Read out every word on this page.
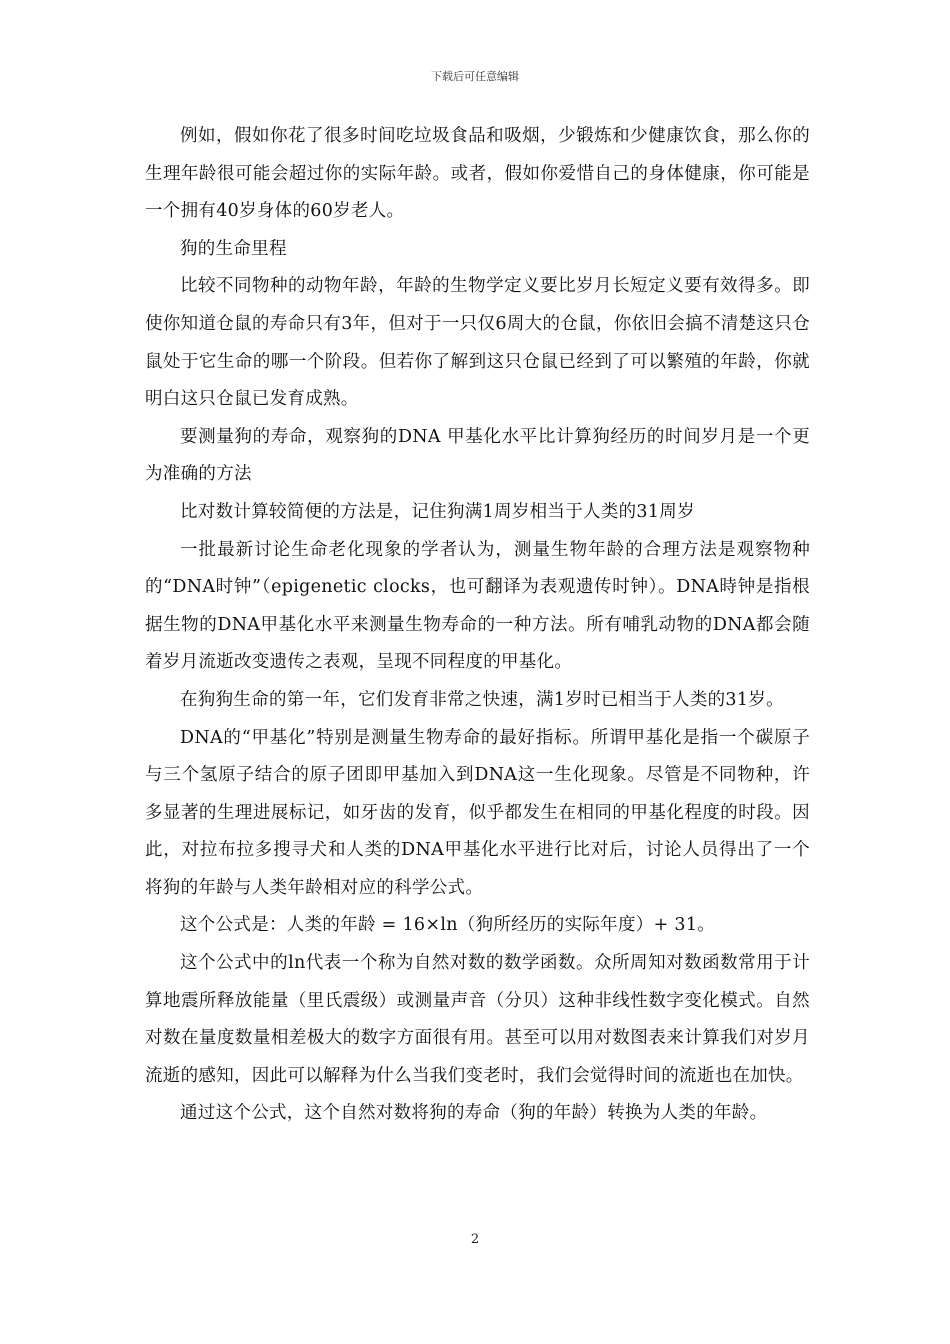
下载后可任意编辑

例如，假如你花了很多时间吃垃圾食品和吸烟，少锻炼和少健康饮食，那么你的生理年龄很可能会超过你的实际年龄。或者，假如你爱惜自己的身体健康，你可能是一个拥有40岁身体的60岁老人。

狗的生命里程

比较不同物种的动物年龄，年龄的生物学定义要比岁月长短定义要有效得多。即使你知道仓鼠的寿命只有3年，但对于一只仅6周大的仓鼠，你依旧会搞不清楚这只仓鼠处于它生命的哪一个阶段。但若你了解到这只仓鼠已经到了可以繁殖的年龄，你就明白这只仓鼠已发育成熟。

要测量狗的寿命，观察狗的DNA 甲基化水平比计算狗经历的时间岁月是一个更为准确的方法

比对数计算较简便的方法是，记住狗满1周岁相当于人类的31周岁

一批最新讨论生命老化现象的学者认为，测量生物年龄的合理方法是观察物种的“DNA时钟”（epigenetic clocks，也可翻译为表观遗传时钟）。DNA時钟是指根据生物的DNA甲基化水平来测量生物寿命的一种方法。所有哺乳动物的DNA都会随着岁月流逝改变遗传之表观，呈现不同程度的甲基化。

在狗狗生命的第一年，它们发育非常之快速，满1岁时已相当于人类的31岁。

DNA的“甲基化”特别是测量生物寿命的最好指标。所谓甲基化是指一个碳原子与三个氢原子结合的原子团即甲基加入到DNA这一生化现象。尽管是不同物种，许多显著的生理进展标记，如牙齿的发育，似乎都发生在相同的甲基化程度的时段。因此，对拉布拉多搜寻犬和人类的DNA甲基化水平进行比对后，讨论人员得出了一个将狗的年龄与人类年龄相对应的科学公式。

这个公式是：人类的年龄 = 16×ln（狗所经历的实际年度）+ 31。

这个公式中的ln代表一个称为自然对数的数学函数。众所周知对数函数常用于计算地震所释放能量（里氏震级）或测量声音（分贝）这种非线性数字变化模式。自然对数在量度数量相差极大的数字方面很有用。甚至可以用对数图表来计算我们对岁月流逝的感知，因此可以解释为什么当我们变老时，我们会觉得时间的流逝也在加快。

通过这个公式，这个自然对数将狗的寿命（狗的年龄）转换为人类的年龄。

2
